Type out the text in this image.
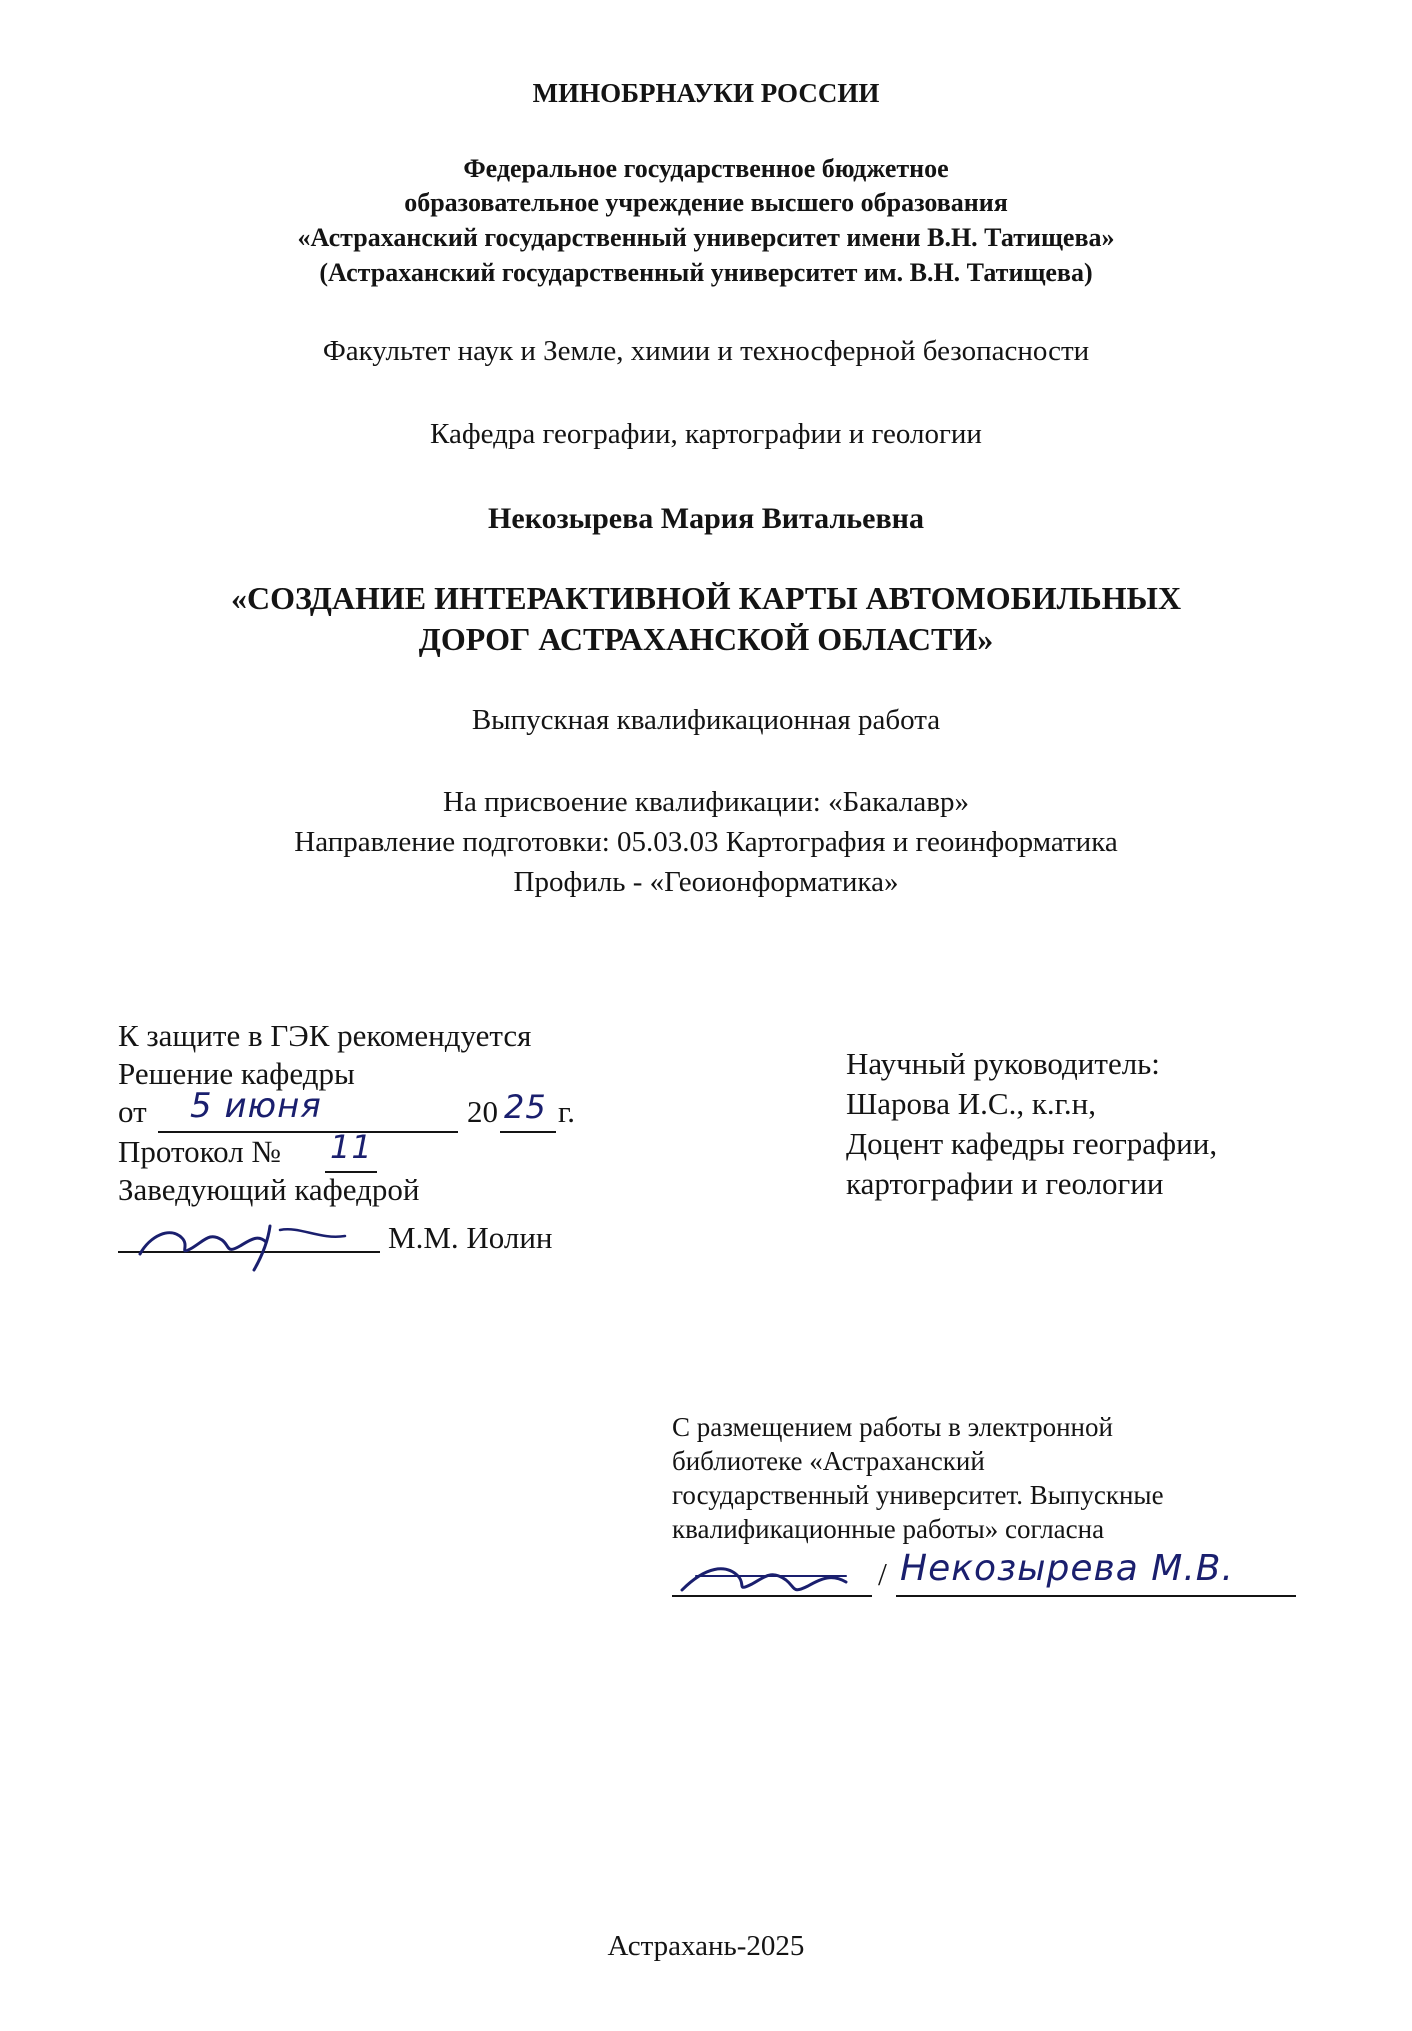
МИНОБРНАУКИ РОССИИ
Федеральное государственное бюджетное
образовательное учреждение высшего образования
«Астраханский государственный университет имени В.Н. Татищева»
(Астраханский государственный университет им. В.Н. Татищева)
Факультет наук и Земле, химии и техносферной безопасности
Кафедра географии, картографии и геологии
Некозырева Мария Витальевна
«СОЗДАНИЕ ИНТЕРАКТИВНОЙ КАРТЫ АВТОМОБИЛЬНЫХ
ДОРОГ АСТРАХАНСКОЙ ОБЛАСТИ»
Выпускная квалификационная работа
На присвоение квалификации: «Бакалавр»
Направление подготовки: 05.03.03 Картография и геоинформатика
Профиль - «Геоионформатика»
К защите в ГЭК рекомендуется
Решение кафедры
от 5 июня	20 25 г.
Протокол № 11
Заведующий кафедрой
М.М. Иолин
Научный руководитель:
Шарова И.С., к.г.н,
Доцент кафедры географии,
картографии и геологии
С размещением работы в электронной
библиотеке «Астраханский
государственный университет. Выпускные
квалификационные работы» согласна
/ Некозырева М.В.
Астрахань-2025
